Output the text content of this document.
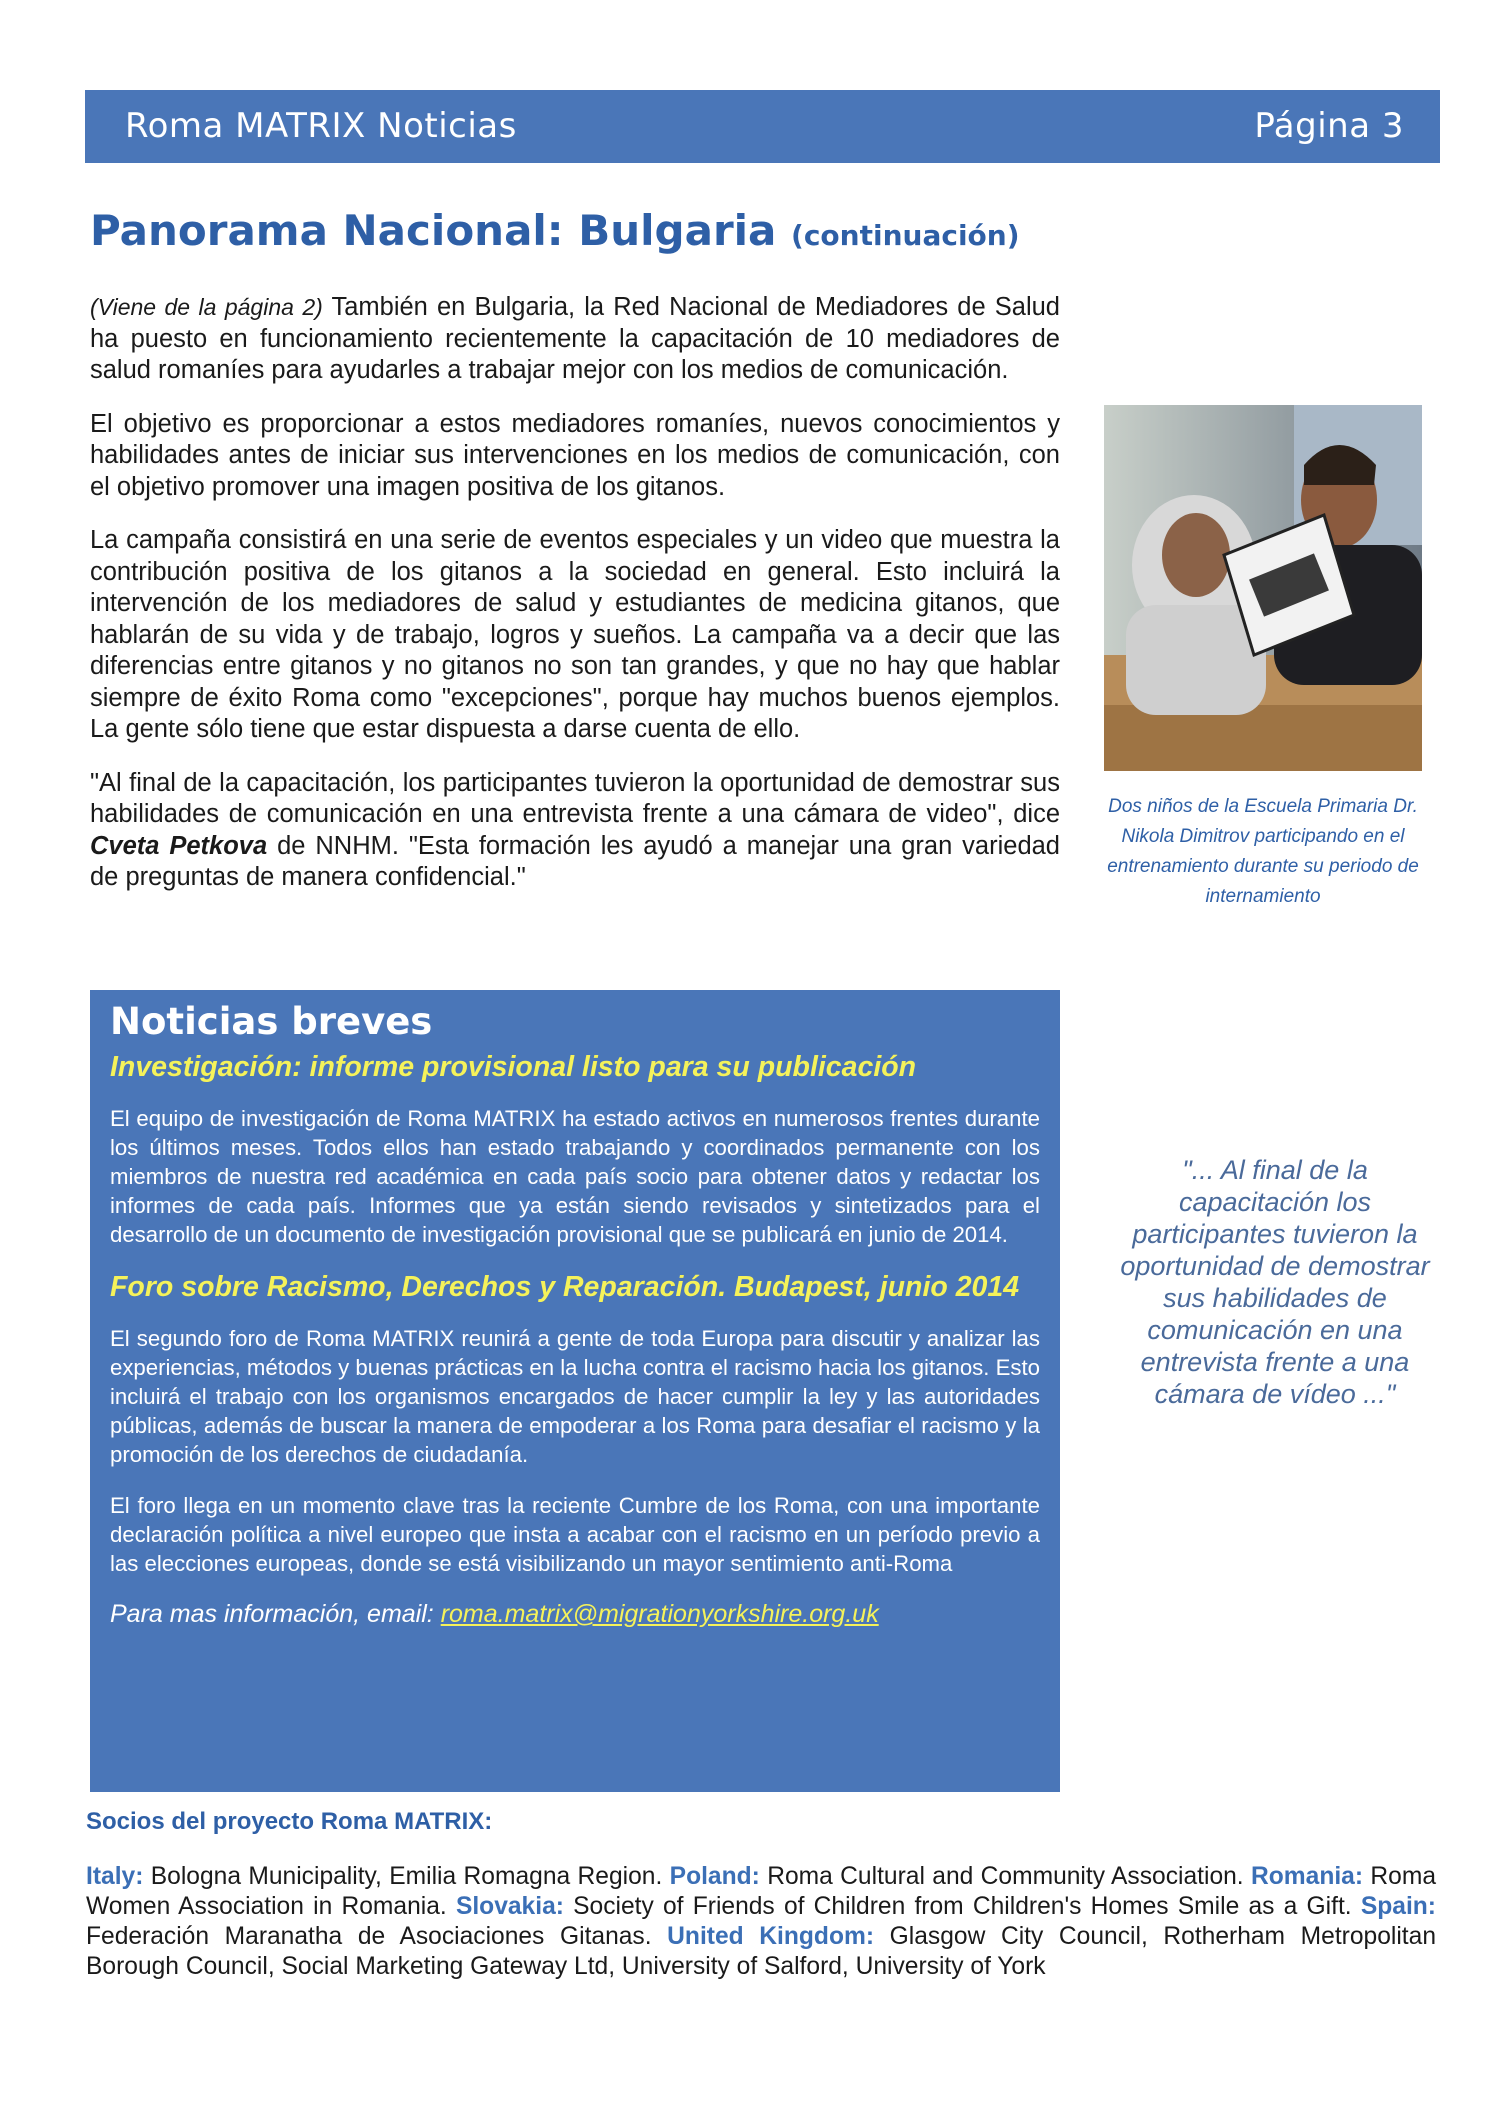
Roma MATRIX Noticias	Página 3
Panorama Nacional: Bulgaria (continuación)

(Viene de la página 2) También en Bulgaria, la Red Nacional de Mediadores de Salud ha puesto en funcionamiento recientemente la capacitación de 10 mediadores de salud romaníes para ayudarles a trabajar mejor con los medios de comunicación.

El objetivo es proporcionar a estos mediadores romaníes, nuevos conocimientos y habilidades antes de iniciar sus intervenciones en los medios de comunicación, con el objetivo promover una imagen positiva de los gitanos.

La campaña consistirá en una serie de eventos especiales y un video que muestra la contribución positiva de los gitanos a la sociedad en general. Esto incluirá la intervención de los mediadores de salud y estudiantes de medicina gitanos, que hablarán de su vida y de trabajo, logros y sueños. La campaña va a decir que las diferencias entre gitanos y no gitanos no son tan grandes, y que no hay que hablar siempre de éxito Roma como "excepciones", porque hay muchos buenos ejemplos. La gente sólo tiene que estar dispuesta a darse cuenta de ello.

"Al final de la capacitación, los participantes tuvieron la oportunidad de demostrar sus habilidades de comunicación en una entrevista frente a una cámara de video", dice Cveta Petkova de NNHM. "Esta formación les ayudó a manejar una gran variedad de preguntas de manera confidencial."

Dos niños de la Escuela Primaria Dr. Nikola Dimitrov participando en el entrenamiento durante su periodo de internamiento
"... Al final de la capacitación los participantes tuvieron la oportunidad de demostrar sus habilidades de comunicación en una entrevista frente a una cámara de vídeo ..."
Noticias breves
Investigación: informe provisional listo para su publicación

El equipo de investigación de Roma MATRIX ha estado activos en numerosos frentes durante los últimos meses. Todos ellos han estado trabajando y coordinados permanente con los miembros de nuestra red académica en cada país socio para obtener datos y redactar los informes de cada país. Informes que ya están siendo revisados y sintetizados para el desarrollo de un documento de investigación provisional que se publicará en junio de 2014.

Foro sobre Racismo, Derechos y Reparación. Budapest, junio 2014

El segundo foro de Roma MATRIX reunirá a gente de toda Europa para discutir y analizar las experiencias, métodos y buenas prácticas en la lucha contra el racismo hacia los gitanos. Esto incluirá el trabajo con los organismos encargados de hacer cumplir la ley y las autoridades públicas, además de buscar la manera de empoderar a los Roma para desafiar el racismo y la promoción de los derechos de ciudadanía.

El foro llega en un momento clave tras la reciente Cumbre de los Roma, con una importante declaración política a nivel europeo que insta a acabar con el racismo en un período previo a las elecciones europeas, donde se está visibilizando un mayor sentimiento anti-Roma

Para mas información, email: roma.matrix@migrationyorkshire.org.uk

Socios del proyecto Roma MATRIX:
Italy: Bologna Municipality, Emilia Romagna Region. Poland: Roma Cultural and Community Association. Romania: Roma Women Association in Romania. Slovakia: Society of Friends of Children from Children's Homes Smile as a Gift. Spain: Federación Maranatha de Asociaciones Gitanas. United Kingdom: Glasgow City Council, Rotherham Metropolitan Borough Council, Social Marketing Gateway Ltd, University of Salford, University of York
